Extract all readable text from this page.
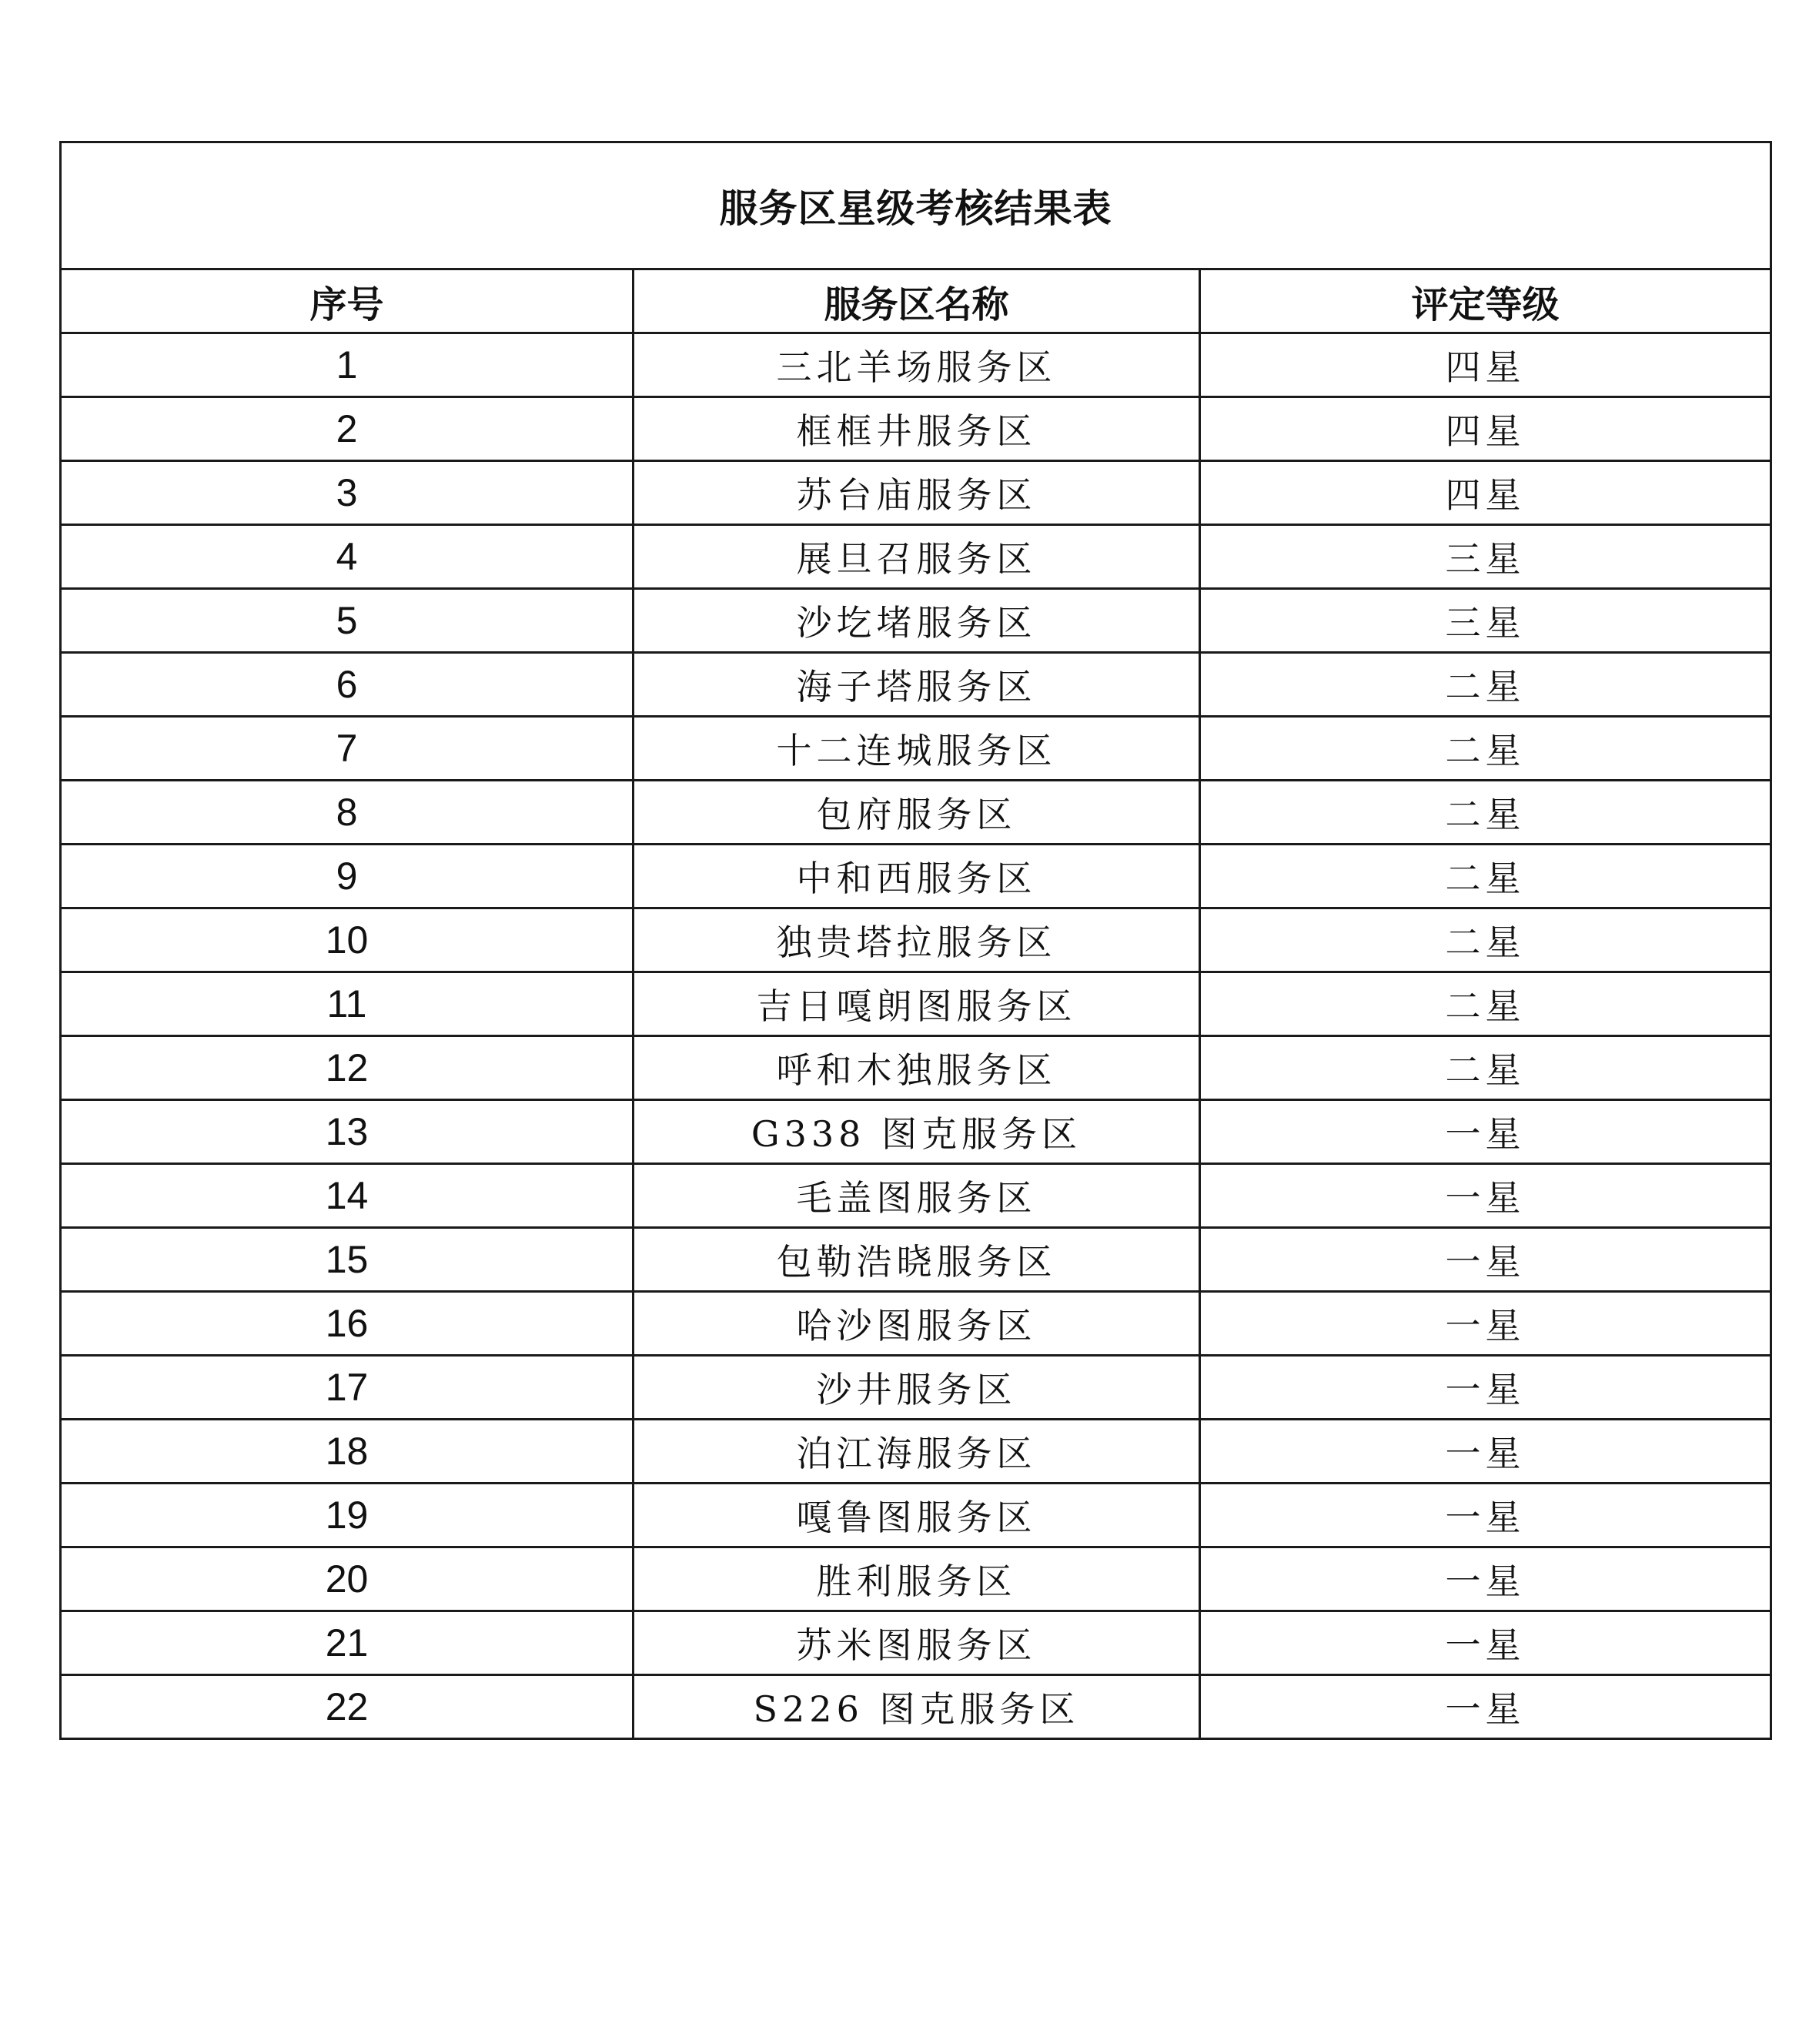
服务区星级考核结果表		
序号	服务区名称	评定等级
1	三北羊场服务区	四星
2	框框井服务区	四星
3	苏台庙服务区	四星
4	展旦召服务区	三星
5	沙圪堵服务区	三星
6	海子塔服务区	二星
7	十二连城服务区	二星
8	包府服务区	二星
9	中和西服务区	二星
10	独贵塔拉服务区	二星
11	吉日嘎朗图服务区	二星
12	呼和木独服务区	二星
13	G338 图克服务区	一星
14	毛盖图服务区	一星
15	包勒浩晓服务区	一星
16	哈沙图服务区	一星
17	沙井服务区	一星
18	泊江海服务区	一星
19	嘎鲁图服务区	一星
20	胜利服务区	一星
21	苏米图服务区	一星
22	S226 图克服务区	一星
